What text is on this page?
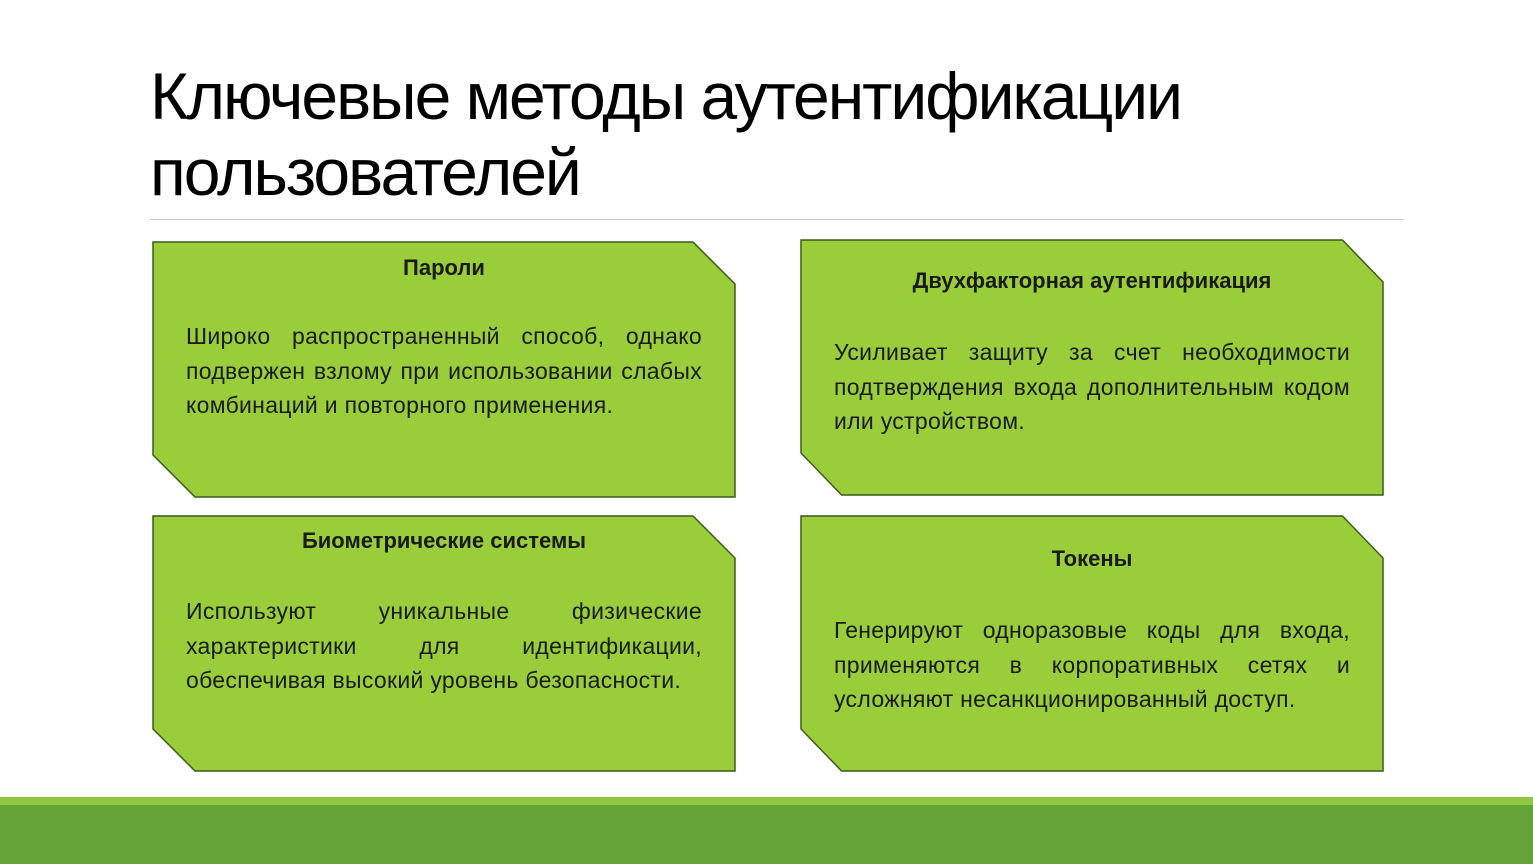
Ключевые методы аутентификации пользователей
Пароли
Широко распространенный способ, однако подвержен взлому при использовании слабых комбинаций и повторного применения.
Двухфакторная аутентификация
Усиливает защиту за счет необходимости подтверждения входа дополнительным кодом или устройством.
Биометрические системы
Используют уникальные физические характеристики для идентификации, обеспечивая высокий уровень безопасности.
Токены
Генерируют одноразовые коды для входа, применяются в корпоративных сетях и усложняют несанкционированный доступ.
